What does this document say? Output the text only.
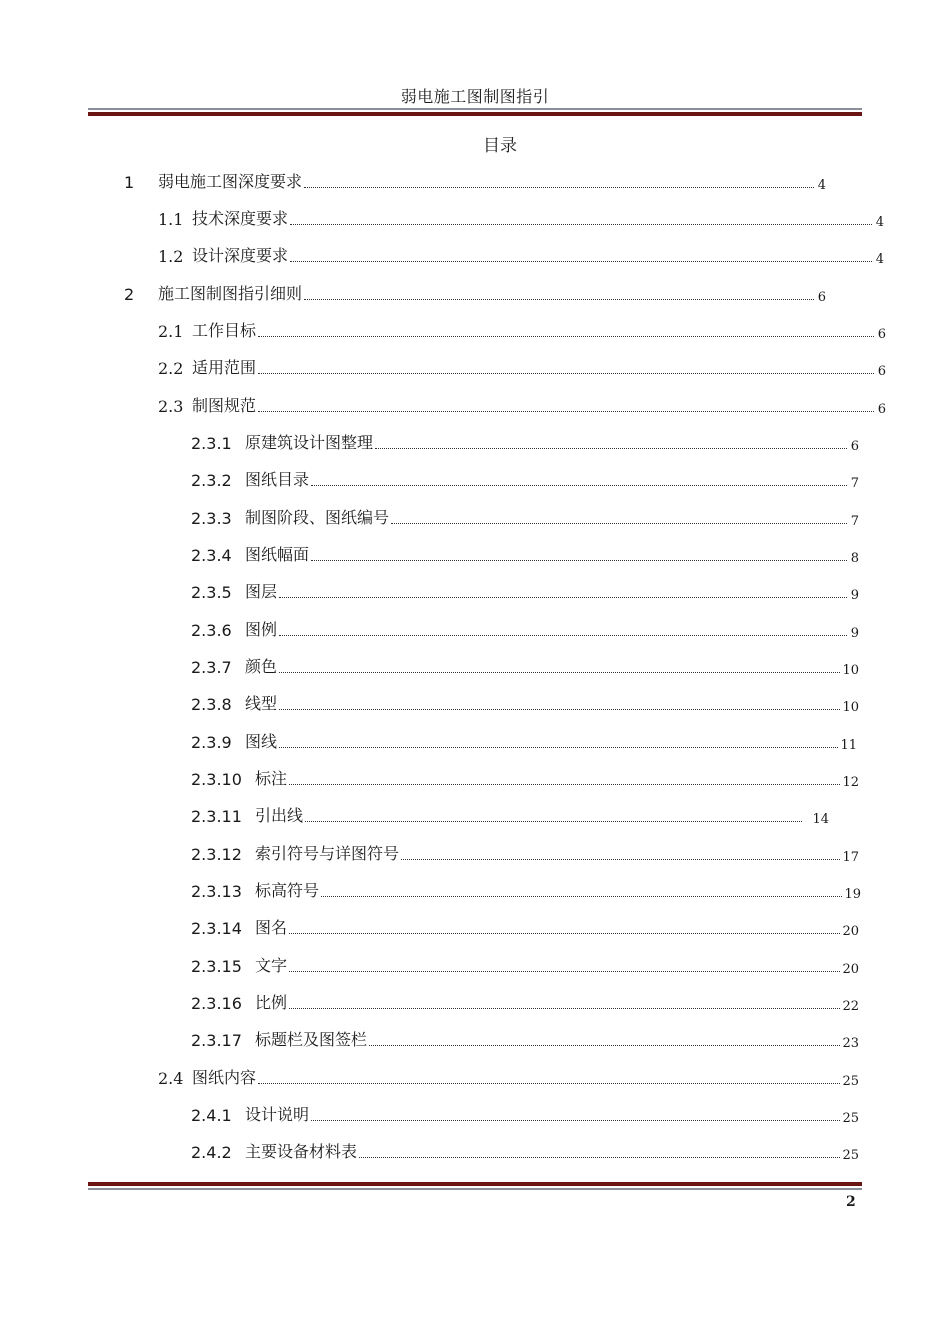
弱电施工图制图指引
目录
1	弱电施工图深度要求	4
1.1 技术深度要求	4
1.2 设计深度要求	4
2	施工图制图指引细则	6
2.1 工作目标	6
2.2 适用范围	6
2.3 制图规范	6
2.3.1 原建筑设计图整理	6
2.3.2 图纸目录	7
2.3.3 制图阶段、图纸编号	7
2.3.4 图纸幅面	8
2.3.5 图层	9
2.3.6 图例	9
2.3.7 颜色	10
2.3.8 线型	10
2.3.9 图线	11
2.3.10 标注	12
2.3.11 引出线	14
2.3.12 索引符号与详图符号	17
2.3.13 标高符号	19
2.3.14 图名	20
2.3.15 文字	20
2.3.16 比例	22
2.3.17 标题栏及图签栏	23
2.4 图纸内容	25
2.4.1 设计说明	25
2.4.2 主要设备材料表	25
2
